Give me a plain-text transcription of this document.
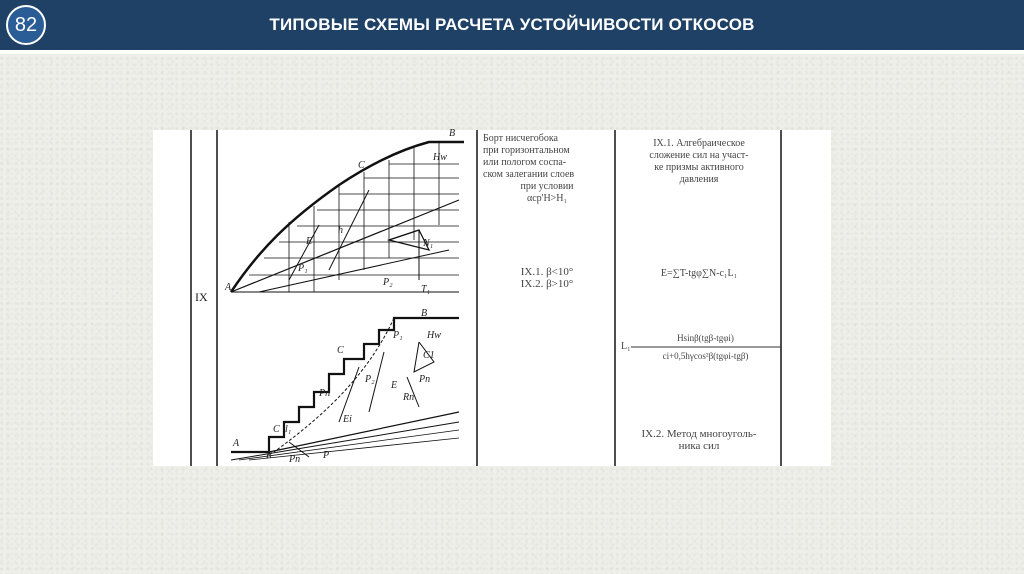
82	ТИПОВЫЕ СХЕМЫ РАСЧЕТА УСТОЙЧИВОСТИ ОТКОСОВ
B
C
Hw
h
E	N₁
P₁
A	P₂
T₁
B
P₁ Hw
C	C1
P₂	Pn
E
Rn
Pn
Ei
A
C l₁
R Pn P
IX
Борт нисчегобока
при горизонтальном
или пологом соспа-
ском залегании слоев
при условии
αcp'H>H₁
IX.1. β<10°
IX.2. β>10°
IX.1. Алгебраическое
сложение сил на участ-
ке призмы активного
давления
E=∑T-tgφ∑N-c₁L₁
L₁
Hsinβ(tgβ-tgφi)
ci+0,5hγcos²β(tgφi-tgβ)
IX.2. Метод многоуголь-
ника сил
